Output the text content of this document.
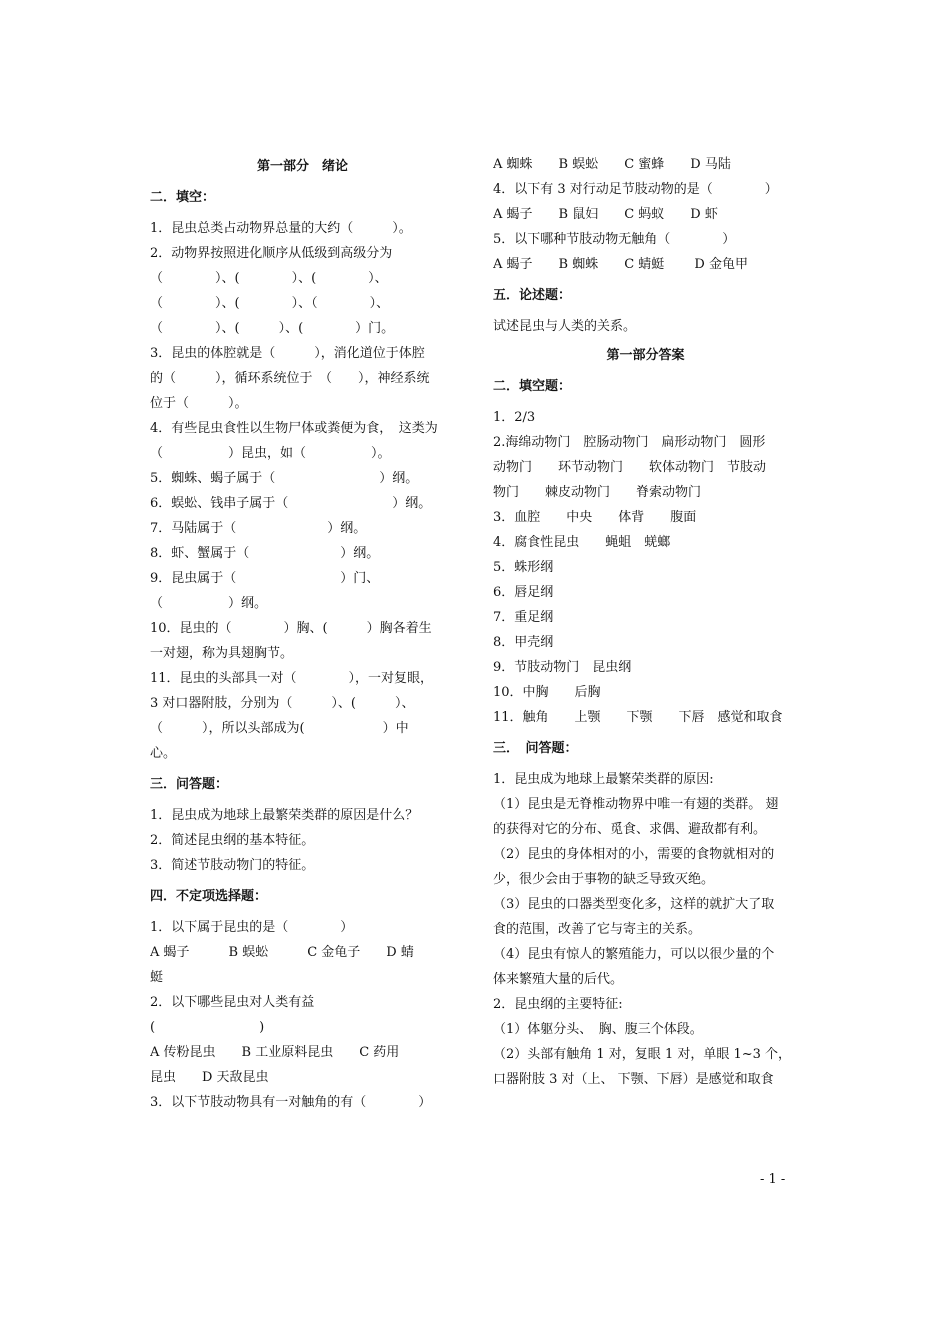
第一部分　绪论
二．填空：
1．昆虫总类占动物界总量的大约（　　　）。
2．动物界按照进化顺序从低级到高级分为
（　　　　）、(　　　　）、(　　　　）、
（　　　　）、(　　　　）、（　　　　）、
（　　　　）、(　　　）、(　　　　）门。
3．昆虫的体腔就是（　　　），消化道位于体腔
的（　　　），循环系统位于　（　　），神经系统
位于（　　　）。
4．有些昆虫食性以生物尸体或粪便为食，　这类为
（　　　　　）昆虫，如（　　　　　）。
5．蜘蛛、蝎子属于（　　　　　　　　）纲。
6．蜈蚣、钱串子属于（　　　　　　　　）纲。
7．马陆属于（　　　　　　　）纲。
8．虾、蟹属于（　　　　　　　）纲。
9．昆虫属于（　　　　　　　　）门、
（　　　　　）纲。
10．昆虫的（　　　　）胸、(　　　）胸各着生
一对翅，称为具翅胸节。
11．昆虫的头部具一对（　　　　），一对复眼，
3 对口器附肢，分别为（　　　）、(　　　）、
（　　　），所以头部成为(　　　　　　）中
心。
三．问答题：
1．昆虫成为地球上最繁荣类群的原因是什么？
2．简述昆虫纲的基本特征。
3．简述节肢动物门的特征。
四．不定项选择题：
1．以下属于昆虫的是（　　　　）
A 蝎子　　　B 蜈蚣　　　C 金龟子　　D 蜻
蜓
2．以下哪些昆虫对人类有益
(　　　　　　　　)
A 传粉昆虫　　B 工业原料昆虫　　C 药用
昆虫　　D 天敌昆虫
3．以下节肢动物具有一对触角的有（　　　　）
A 蜘蛛　　B 蜈蚣　　C 蜜蜂　　D 马陆
4．以下有 3 对行动足节肢动物的是（　　　　）
A 蝎子　　B 鼠妇　　C 蚂蚁　　D 虾
5．以下哪种节肢动物无触角（　　　　）
A 蝎子　　B 蜘蛛　　C 蜻蜓　　 D 金龟甲
五．论述题：
试述昆虫与人类的关系。
第一部分答案
二．填空题：
1．2/3
2.海绵动物门　腔肠动物门　扁形动物门　圆形
动物门　　环节动物门　　软体动物门　节肢动
物门　　棘皮动物门　　脊索动物门
3．血腔　　中央　　体背　　腹面
4．腐食性昆虫　　蝇蛆　蜣螂
5．蛛形纲
6．唇足纲
7．重足纲
8．甲壳纲
9．节肢动物门　昆虫纲
10．中胸　　后胸
11．触角　　上颚　　下颚　　下唇　感觉和取食
三．　问答题：
1．昆虫成为地球上最繁荣类群的原因:
（1）昆虫是无脊椎动物界中唯一有翅的类群。 翅
的获得对它的分布、觅食、求偶、避敌都有利。
（2）昆虫的身体相对的小，需要的食物就相对的
少，很少会由于事物的缺乏导致灭绝。
（3）昆虫的口器类型变化多，这样的就扩大了取
食的范围，改善了它与寄主的关系。
（4）昆虫有惊人的繁殖能力，可以以很少量的个
体来繁殖大量的后代。
2．昆虫纲的主要特征:
（1）体躯分头、　胸、腹三个体段。
（2）头部有触角 1 对，复眼 1 对，单眼 1~3 个，
口器附肢 3 对（上、 下颚、下唇）是感觉和取食
- 1 -
